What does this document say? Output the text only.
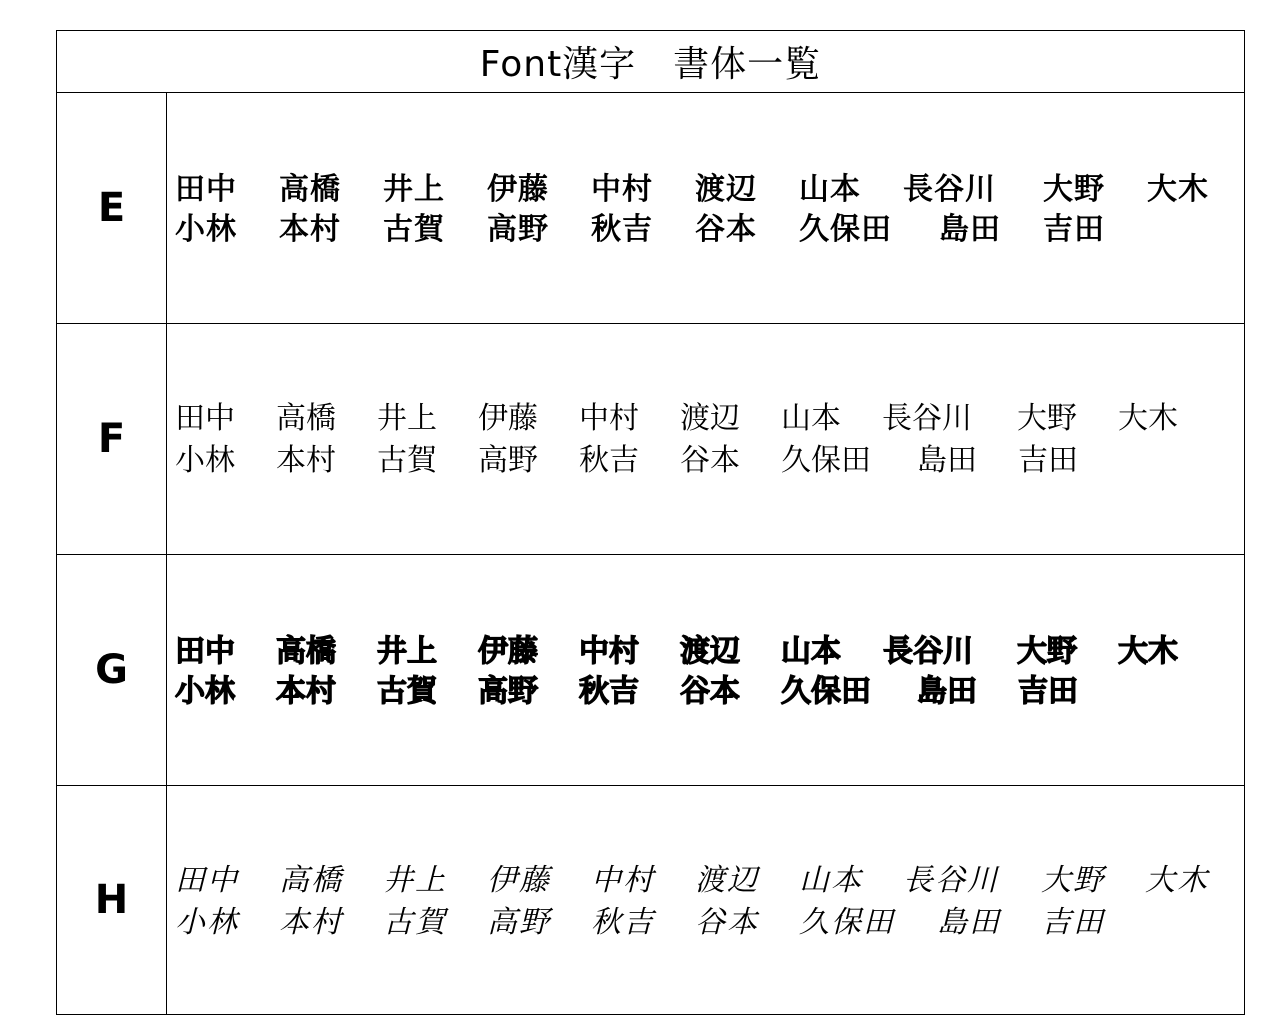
Font漢字　書体一覧
E 田中 高橋 井上 伊藤 中村 渡辺 山本 長谷川 大野 大木
小林 本村 古賀 高野 秋吉 谷本 久保田 島田 吉田
F 田中 高橋 井上 伊藤 中村 渡辺 山本 長谷川 大野 大木
小林 本村 古賀 高野 秋吉 谷本 久保田 島田 吉田
G 田中 高橋 井上 伊藤 中村 渡辺 山本 長谷川 大野 大木
小林 本村 古賀 高野 秋吉 谷本 久保田 島田 吉田
H 田中 高橋 井上 伊藤 中村 渡辺 山本 長谷川 大野 大木
小林 本村 古賀 高野 秋吉 谷本 久保田 島田 吉田
